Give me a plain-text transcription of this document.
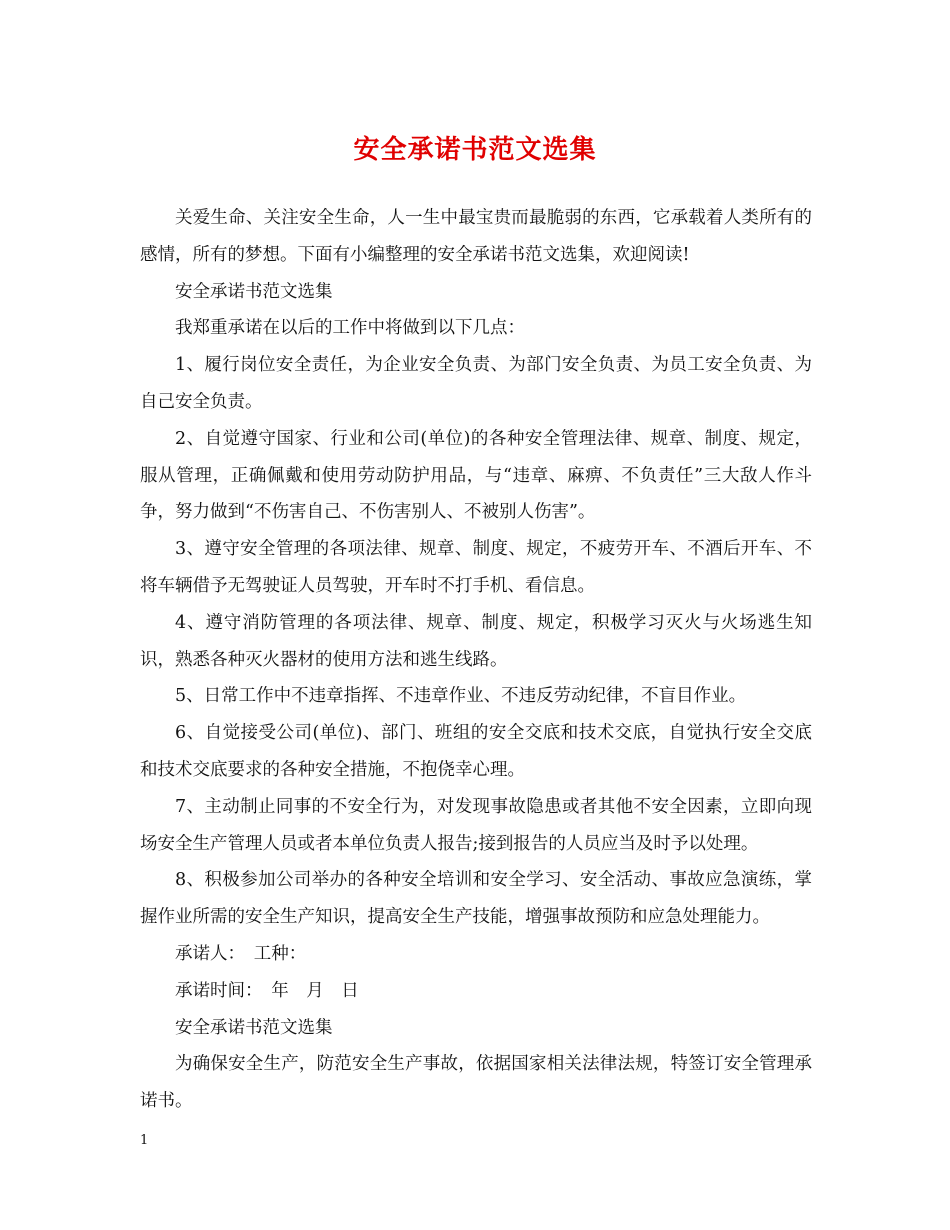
安全承诺书范文选集

关爱生命、关注安全生命，人一生中最宝贵而最脆弱的东西，它承载着人类所有的感情，所有的梦想。下面有小编整理的安全承诺书范文选集，欢迎阅读!

安全承诺书范文选集

我郑重承诺在以后的工作中将做到以下几点：

1、履行岗位安全责任，为企业安全负责、为部门安全负责、为员工安全负责、为自己安全负责。

2、自觉遵守国家、行业和公司(单位)的各种安全管理法律、规章、制度、规定，服从管理，正确佩戴和使用劳动防护用品，与“违章、麻痹、不负责任”三大敌人作斗争，努力做到“不伤害自己、不伤害别人、不被别人伤害”。

3、遵守安全管理的各项法律、规章、制度、规定，不疲劳开车、不酒后开车、不将车辆借予无驾驶证人员驾驶，开车时不打手机、看信息。

4、遵守消防管理的各项法律、规章、制度、规定，积极学习灭火与火场逃生知识，熟悉各种灭火器材的使用方法和逃生线路。

5、日常工作中不违章指挥、不违章作业、不违反劳动纪律，不盲目作业。

6、自觉接受公司(单位)、部门、班组的安全交底和技术交底，自觉执行安全交底和技术交底要求的各种安全措施，不抱侥幸心理。

7、主动制止同事的不安全行为，对发现事故隐患或者其他不安全因素，立即向现场安全生产管理人员或者本单位负责人报告;接到报告的人员应当及时予以处理。

8、积极参加公司举办的各种安全培训和安全学习、安全活动、事故应急演练，掌握作业所需的安全生产知识，提高安全生产技能，增强事故预防和应急处理能力。

承诺人：　工种：

承诺时间：　年　月　日

安全承诺书范文选集

为确保安全生产，防范安全生产事故，依据国家相关法律法规，特签订安全管理承诺书。

1
